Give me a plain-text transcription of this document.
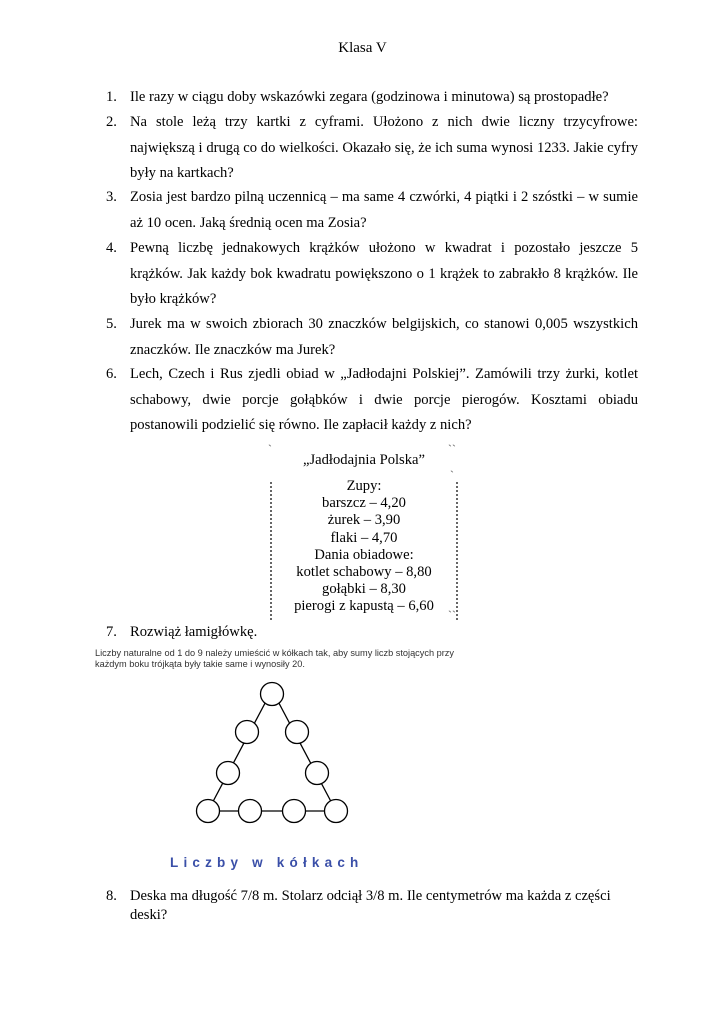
Klasa V
1. Ile razy w ciągu doby wskazówki zegara (godzinowa i minutowa) są prostopadłe?
2. Na stole leżą trzy kartki z cyframi. Ułożono z nich dwie liczny trzycyfrowe: największą i drugą co do wielkości. Okazało się, że ich suma wynosi 1233. Jakie cyfry były na kartkach?
3. Zosia jest bardzo pilną uczennicą – ma same 4 czwórki, 4 piątki i 2 szóstki – w sumie aż 10 ocen. Jaką średnią ocen ma Zosia?
4. Pewną liczbę jednakowych krążków ułożono w kwadrat i pozostało jeszcze 5 krążków. Jak każdy bok kwadratu powiększono o 1 krążek to zabrakło 8 krążków. Ile było krążków?
5. Jurek ma w swoich zbiorach 30 znaczków belgijskich, co stanowi 0,005 wszystkich znaczków. Ile znaczków ma Jurek?
6. Lech, Czech i Rus zjedli obiad w „Jadłodajni Polskiej”. Zamówili trzy żurki, kotlet schabowy, dwie porcje gołąbków i dwie porcje pierogów. Kosztami obiadu postanowili podzielić się równo. Ile zapłacił każdy z nich?
`	``
`
``
„Jadłodajnia Polska”
Zupy:
barszcz – 4,20
żurek – 3,90
flaki – 4,70
Dania obiadowe:
kotlet schabowy – 8,80
gołąbki – 8,30
pierogi z kapustą – 6,60
7. Rozwiąż łamigłówkę.
Liczby naturalne od 1 do 9 należy umieścić w kółkach tak, aby sumy liczb stojących przy każdym boku trójkąta były takie same i wynosiły 20.
Liczby w kółkach
8. Deska ma długość 7/8 m. Stolarz odciął 3/8 m. Ile centymetrów ma każda z części deski?
